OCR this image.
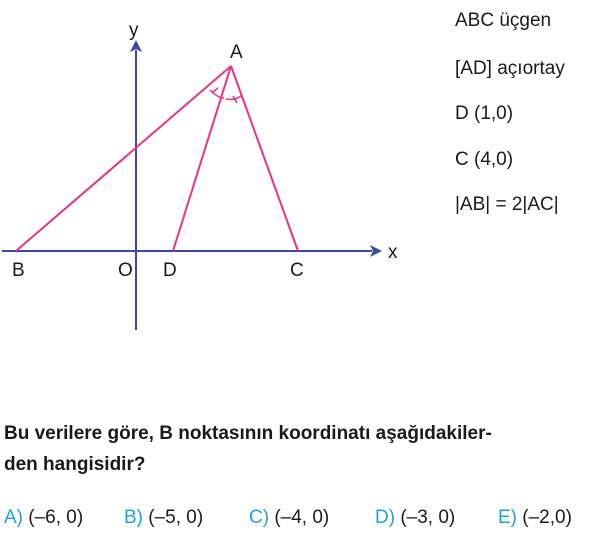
A
B	O D	C
x
y	ABC üçgen
[AD] açıortay
D (1,0)
C (4,0)
|AB| = 2|AC|
Bu verilere göre, B noktasının koordinatı aşağıdakiler-
den hangisidir?
A) (–6, 0) B) (–5, 0) C) (–4, 0) D) (–3, 0) E) (–2,0)
